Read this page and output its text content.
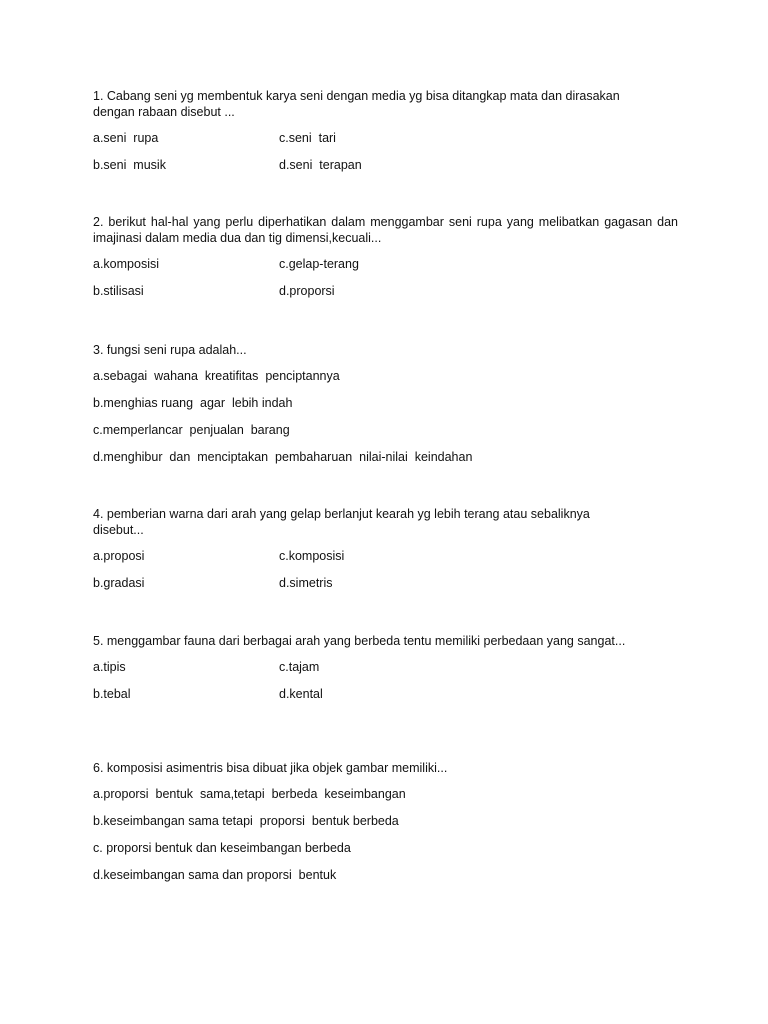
1. Cabang seni yg membentuk karya seni dengan media yg bisa ditangkap mata dan dirasakan dengan rabaan disebut ...

a.seni  rupa	c.seni  tari
b.seni  musik	d.seni  terapan

2. berikut hal-hal yang perlu diperhatikan dalam menggambar seni rupa yang melibatkan gagasan dan imajinasi dalam media dua dan tig dimensi,kecuali...

a.komposisi	c.gelap-terang
b.stilisasi	d.proporsi

3. fungsi seni rupa adalah...

a.sebagai  wahana  kreatifitas  penciptannya
b.menghias ruang  agar  lebih indah
c.memperlancar  penjualan  barang
d.menghibur  dan  menciptakan  pembaharuan  nilai-nilai  keindahan

4. pemberian warna dari arah yang gelap berlanjut kearah yg lebih terang atau sebaliknya disebut...

a.proposi	c.komposisi
b.gradasi	d.simetris

5. menggambar fauna dari berbagai arah yang berbeda tentu memiliki perbedaan yang sangat...

a.tipis	c.tajam
b.tebal	d.kental

6. komposisi asimentris bisa dibuat jika objek gambar memiliki...

a.proporsi  bentuk  sama,tetapi  berbeda  keseimbangan
b.keseimbangan sama tetapi  proporsi  bentuk berbeda
c. proporsi bentuk dan keseimbangan berbeda
d.keseimbangan sama dan proporsi  bentuk
